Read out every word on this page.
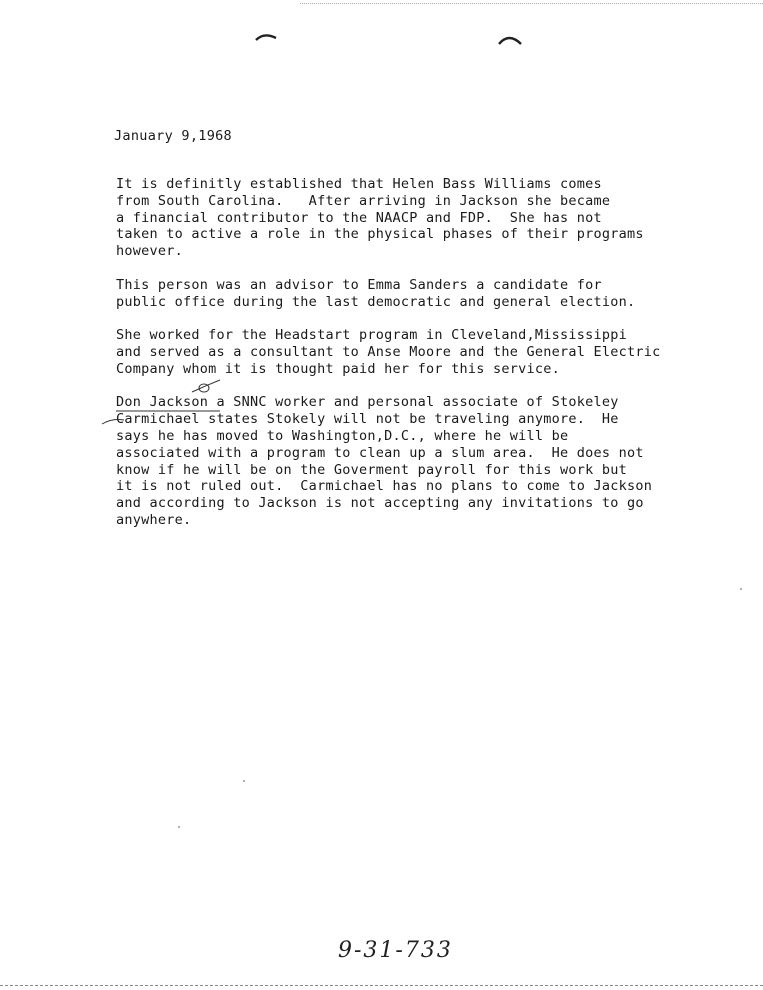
January 9,1968

It is definitly established that Helen Bass Williams comes
from South Carolina.   After arriving in Jackson she became
a financial contributor to the NAACP and FDP.  She has not
taken to active a role in the physical phases of their programs
however.

This person was an advisor to Emma Sanders a candidate for
public office during the last democratic and general election.

She worked for the Headstart program in Cleveland,Mississippi
and served as a consultant to Anse Moore and the General Electric
Company whom it is thought paid her for this service.

Don Jackson a SNNC worker and personal associate of Stokeley
Carmichael states Stokely will not be traveling anymore.  He
says he has moved to Washington,D.C., where he will be
associated with a program to clean up a slum area.  He does not
know if he will be on the Goverment payroll for this work but
it is not ruled out.  Carmichael has no plans to come to Jackson
and according to Jackson is not accepting any invitations to go
anywhere.

9-31-733
